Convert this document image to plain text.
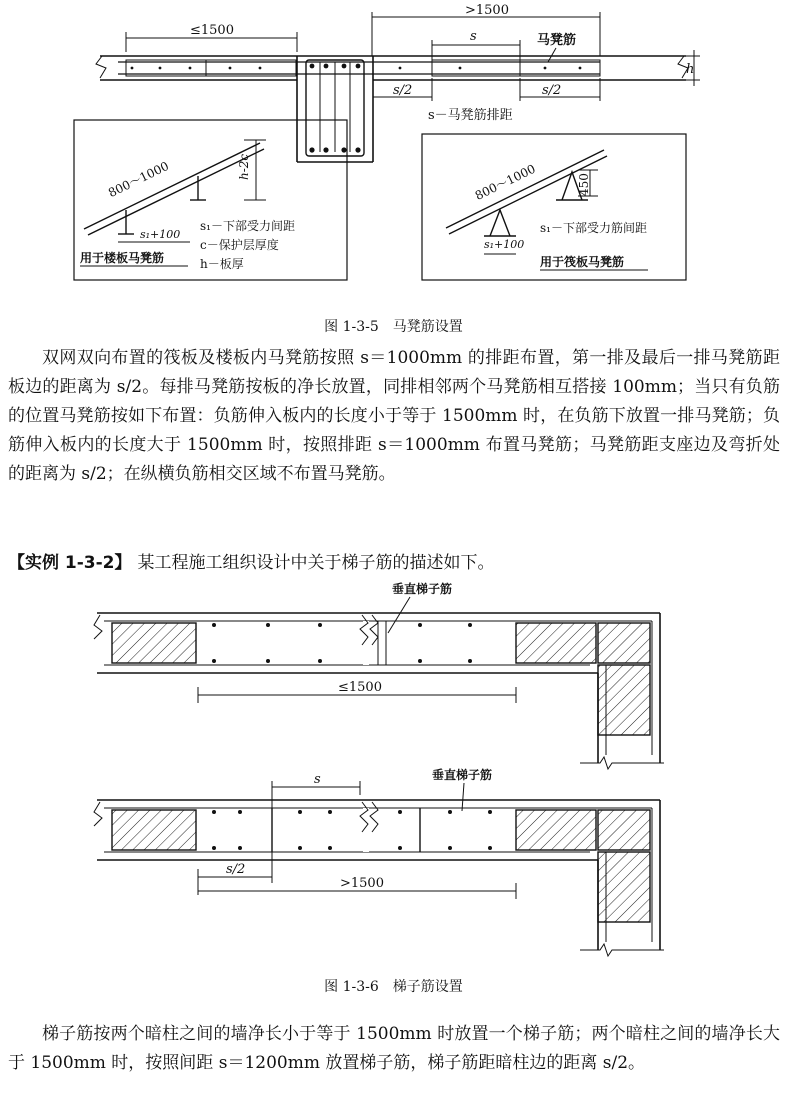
≤1500
>1500
s	马凳筋
h
s/2	s/2
s－马凳筋排距
800～1000	h-2c
s₁+100
s₁－下部受力间距
c－保护层厚度
h－板厚
用于楼板马凳筋
800～1000	450
s₁+100
s₁－下部受力筋间距
用于筏板马凳筋
图 1-3-5　马凳筋设置

双网双向布置的筏板及楼板内马凳筋按照 s＝1000mm 的排距布置，第一排及最后一排马凳筋距板边的距离为 s/2。每排马凳筋按板的净长放置，同排相邻两个马凳筋相互搭接 100mm；当只有负筋的位置马凳筋按如下布置：负筋伸入板内的长度小于等于 1500mm 时，在负筋下放置一排马凳筋；负筋伸入板内的长度大于 1500mm 时，按照排距 s＝1000mm 布置马凳筋；马凳筋距支座边及弯折处的距离为 s/2；在纵横负筋相交区域不布置马凳筋。

【实例 1-3-2】 某工程施工组织设计中关于梯子筋的描述如下。
垂直梯子筋
≤1500
垂直梯子筋
s
s/2
>1500
图 1-3-6　梯子筋设置

梯子筋按两个暗柱之间的墙净长小于等于 1500mm 时放置一个梯子筋；两个暗柱之间的墙净长大于 1500mm 时，按照间距 s＝1200mm 放置梯子筋，梯子筋距暗柱边的距离 s/2。
